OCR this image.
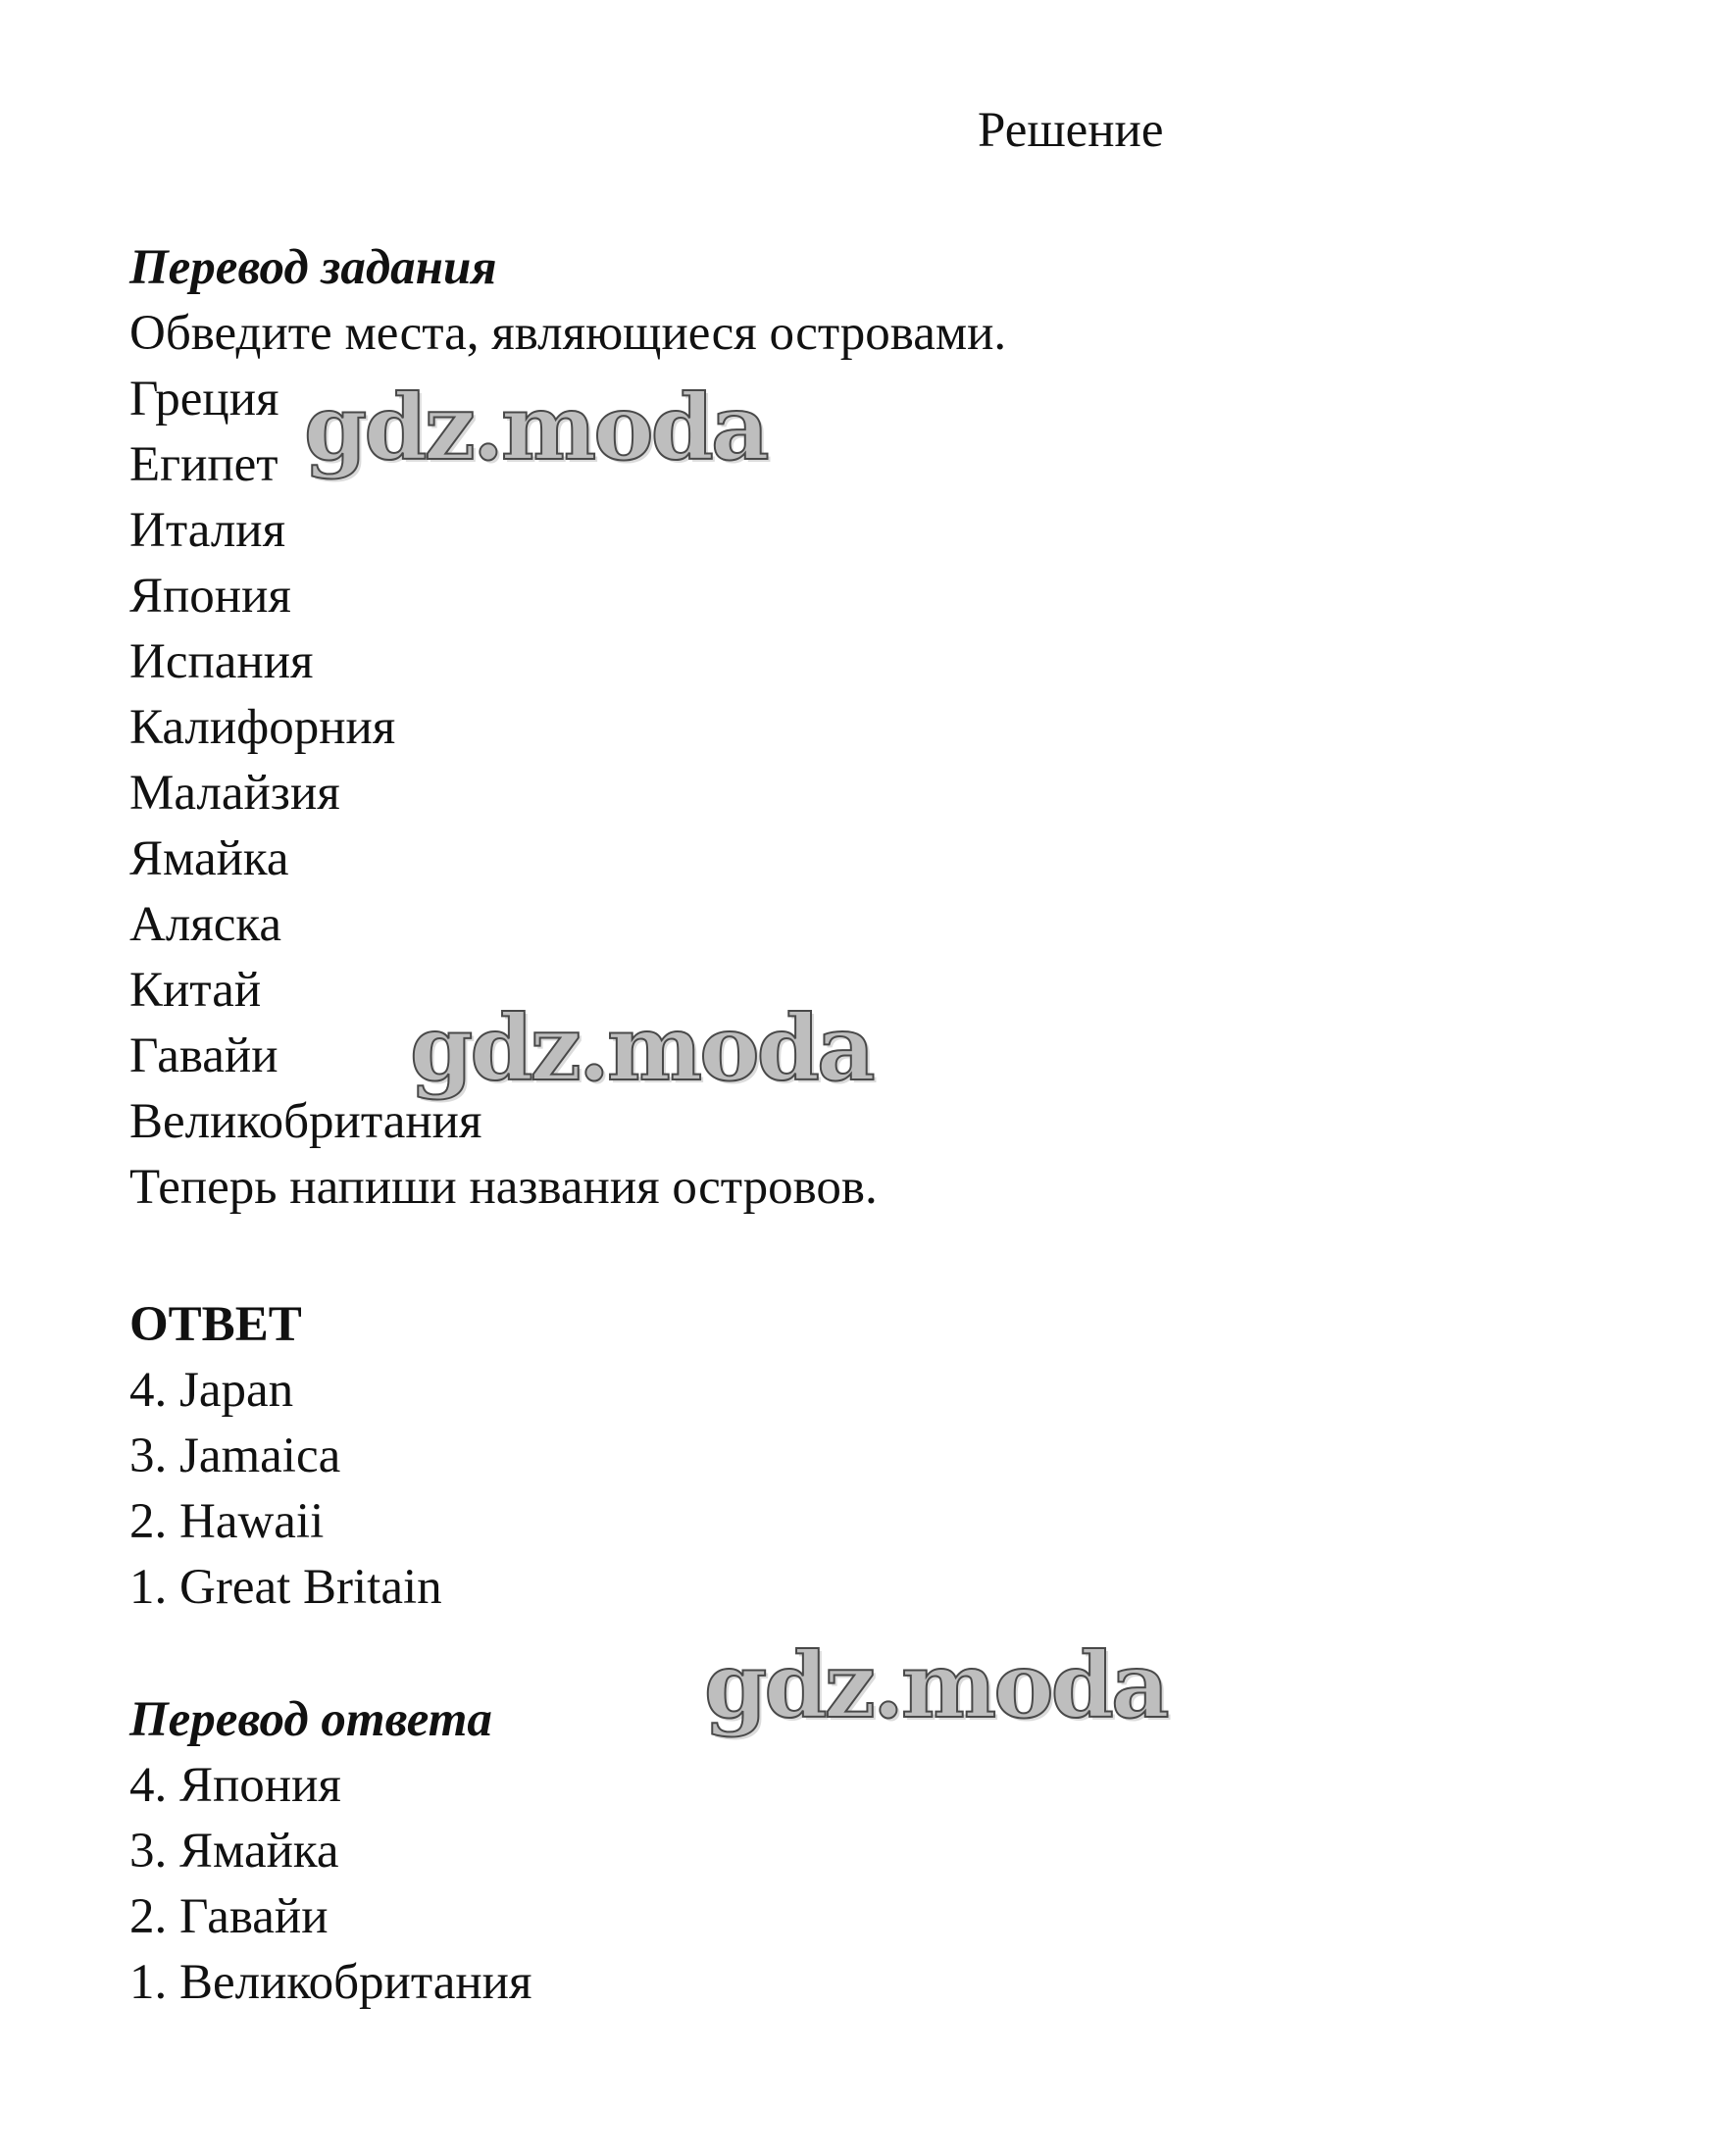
Решение
Перевод задания
Обведите места, являющиеся островами.
Греция
Египет
Италия
Япония
Испания
Калифорния
Малайзия
Ямайка
Аляска
Китай
Гавайи
Великобритания
Теперь напиши названия островов.
ОТВЕТ
4. Japan
3. Jamaica
2. Hawaii
1. Great Britain
Перевод ответа
4. Япония
3. Ямайка
2. Гавайи
1. Великобритания
gdz.moda
gdz.moda
gdz.moda
